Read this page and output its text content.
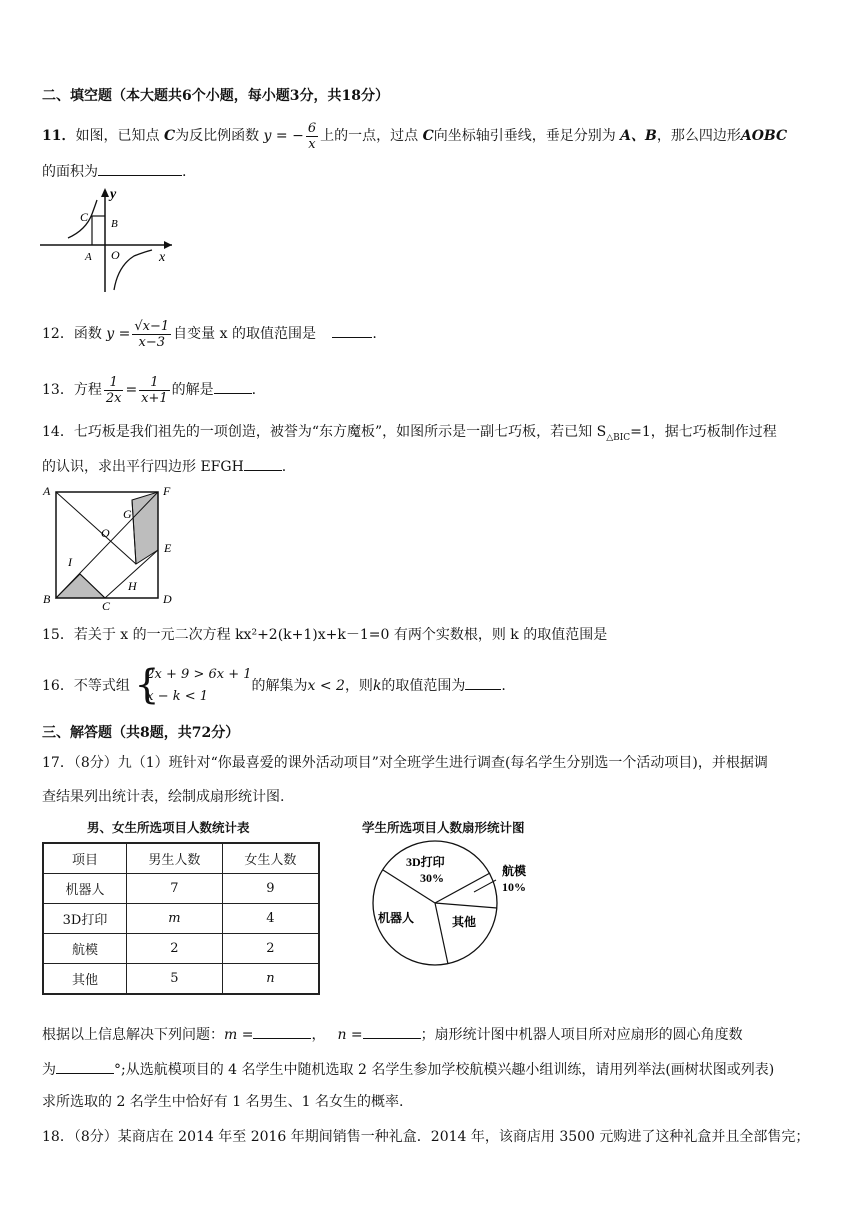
二、填空题（本大题共6个小题，每小题3分，共18分）
11．如图，已知点 C为反比例函数 y = − $\frac{6}{x}$ 上的一点，过点 C向坐标轴引垂线，垂足分别为 A、B，那么四边形AOBC
的面积为	.
y
x
C B
A O
12．函数 $y = \frac{√x-1}{x-3}$ 自变量 x 的取值范围是	.
13．方程 $\frac{1}{2x} = \frac{1}{x+1}$ 的解是	.
14．七巧板是我们祖先的一项创造，被誉为“东方魔板”，如图所示是一副七巧板，若已知 $S_{\triangle BIC}=1$，据七巧板制作过程
的认识，求出平行四边形 EFGH	.
A	F
G
O
E
I
H
B	C	D
15．若关于 x 的一元二次方程 kx²+2(k+1)x+k－1=0 有两个实数根，则 k 的取值范围是
16．不等式组 {
2x + 9 > 6x + 1
x − k < 1
的解集为x < 2，则k的取值范围为	.
三、解答题（共8题，共72分）
17．（8分）九（1）班针对“你最喜爱的课外活动项目”对全班学生进行调查(每名学生分别选一个活动项目)，并根据调
查结果列出统计表，绘制成扇形统计图.
男、女生所选项目人数统计表	学生所选项目人数扇形统计图
项目	男生人数	女生人数
机器人	7	9
3D打印	m	4
航模	2	2
其他	5	n
3D打印
30%	航模
10%
机器人	其他
根据以上信息解决下列问题：m =	， n =	；扇形统计图中机器人项目所对应扇形的圆心角度数
为	°;从选航模项目的 4 名学生中随机选取 2 名学生参加学校航模兴趣小组训练，请用列举法(画树状图或列表)
求所选取的 2 名学生中恰好有 1 名男生、1 名女生的概率.
18．（8分）某商店在 2014 年至 2016 年期间销售一种礼盒．2014 年，该商店用 3500 元购进了这种礼盒并且全部售完；
